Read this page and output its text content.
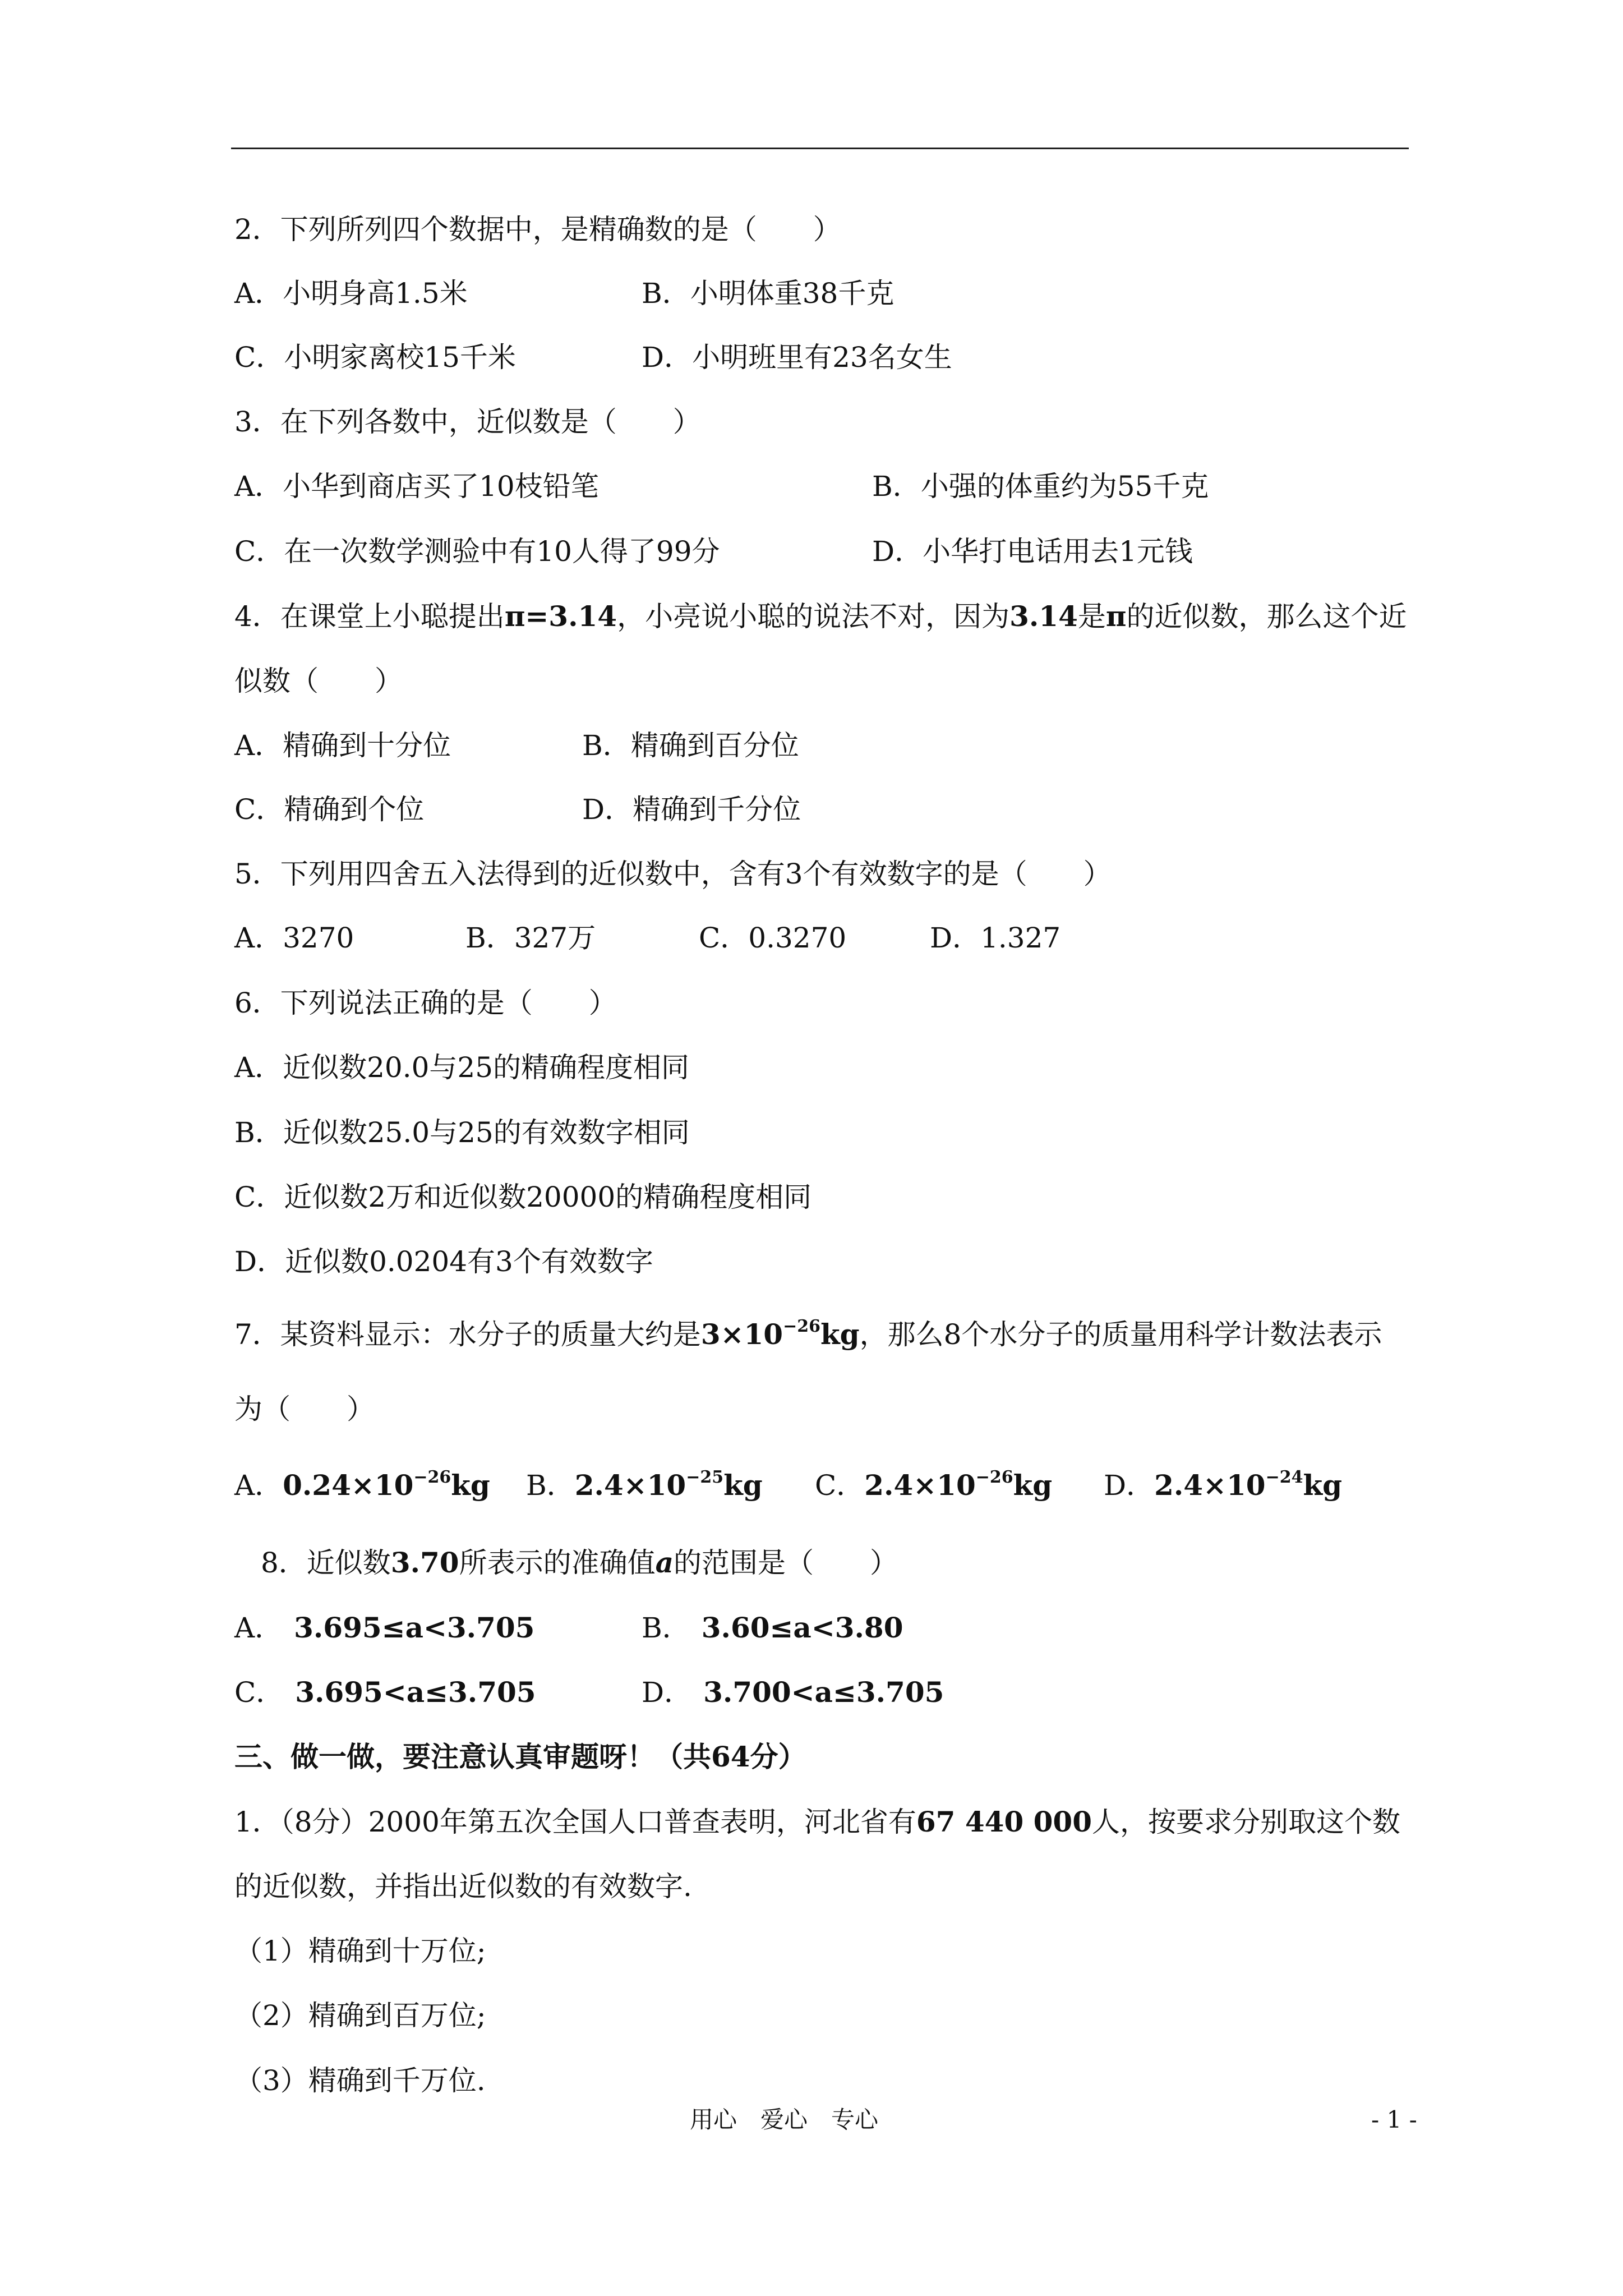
2．下列所列四个数据中，是精确数的是（　　）
A．小明身高1.5米	B．小明体重38千克
C．小明家离校15千米	D．小明班里有23名女生
3．在下列各数中，近似数是（　　）
A．小华到商店买了10枝铅笔	B．小强的体重约为55千克
C．在一次数学测验中有10人得了99分	D．小华打电话用去1元钱
4．在课堂上小聪提出π=3.14，小亮说小聪的说法不对，因为3.14是π的近似数，那么这个近
似数（　　）
A．精确到十分位	B．精确到百分位
C．精确到个位	D．精确到千分位
5．下列用四舍五入法得到的近似数中，含有3个有效数字的是（　　）
A．3270	B．327万	C．0.3270	D．1.327
6．下列说法正确的是（　　）
A．近似数20.0与25的精确程度相同
B．近似数25.0与25的有效数字相同
C．近似数2万和近似数20000的精确程度相同
D．近似数0.0204有3个有效数字
7．某资料显示：水分子的质量大约是$3\times 10^{-26}kg$，那么8个水分子的质量用科学计数法表示
为（　　）
A．$0.24\times 10^{-26}kg$ B．$2.4\times 10^{-25}kg$ C．$2.4\times 10^{-26}kg$ D．$2.4\times 10^{-24}kg$
8．近似数3.70所表示的准确值a的范围是（　　）
A． 3.695≤a<3.705	B． 3.60≤a<3.80
C． 3.695<a≤3.705	D． 3.700<a≤3.705
三、做一做，要注意认真审题呀！（共64分）
1．（8分）2000年第五次全国人口普查表明，河北省有67 440 000人，按要求分别取这个数
的近似数，并指出近似数的有效数字.
（1）精确到十万位;
（2）精确到百万位;
（3）精确到千万位.
用心　爱心　专心	- 1 -
